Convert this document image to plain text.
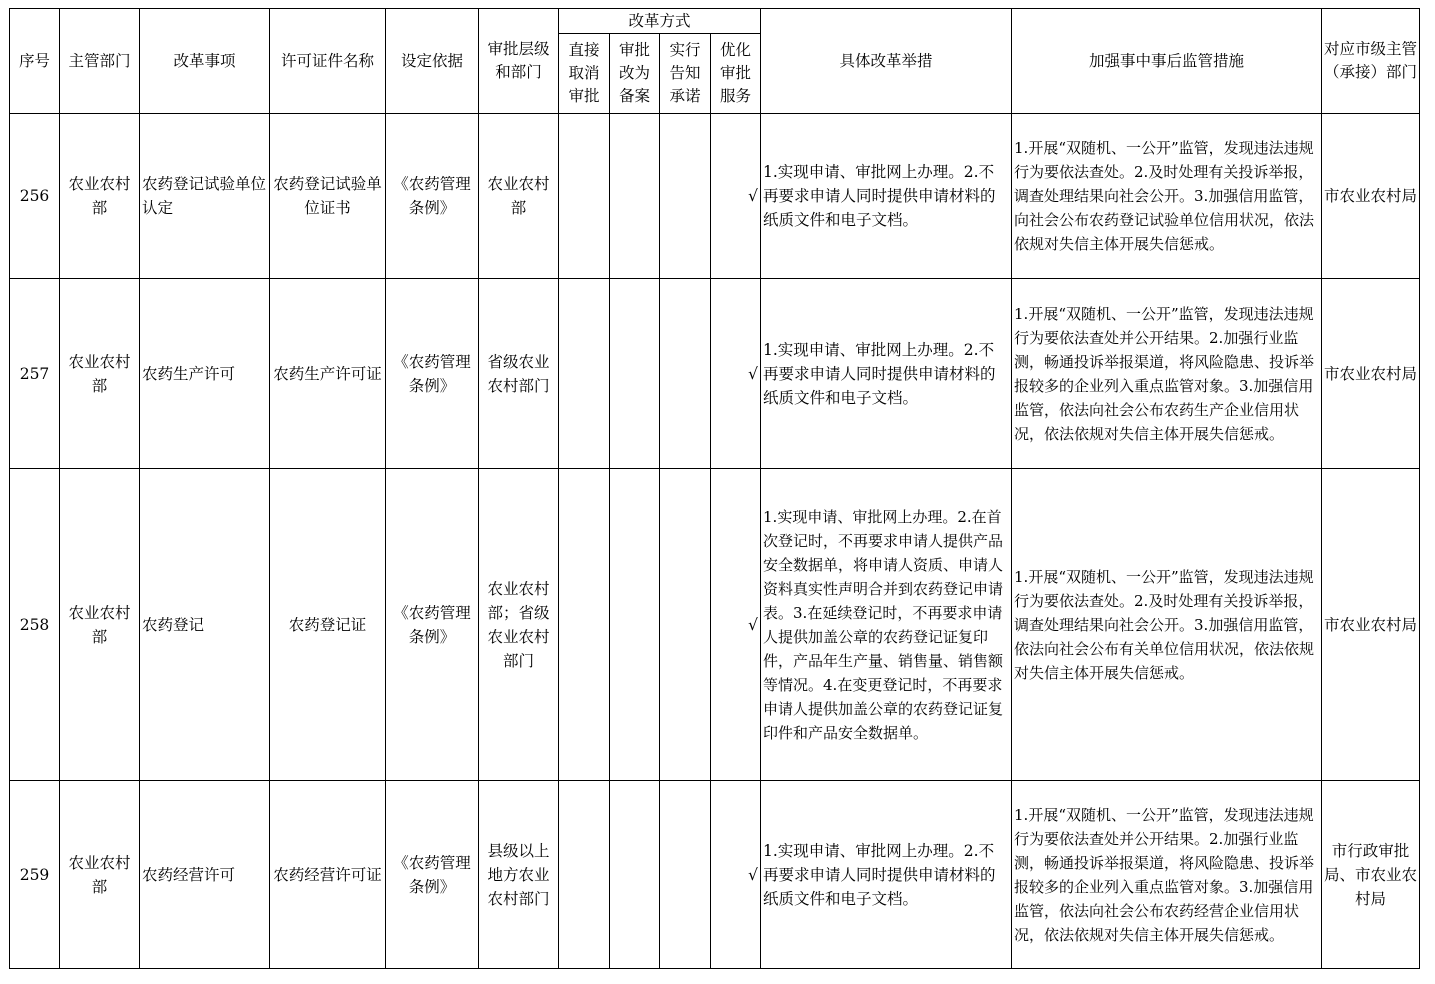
序号	主管部门	改革事项	许可证件名称	设定依据	审批层级和部门	改革方式				具体改革举措	加强事中事后监管措施	对应市级主管（承接）部门
						直接取消审批	审批改为备案	实行告知承诺	优化审批服务			
256	农业农村部	农药登记试验单位认定	农药登记试验单位证书	《农药管理条例》	农业农村部				√	1.实现申请、审批网上办理。2.不再要求申请人同时提供申请材料的纸质文件和电子文档。	1.开展“双随机、一公开”监管，发现违法违规行为要依法查处。2.及时处理有关投诉举报，调查处理结果向社会公开。3.加强信用监管，向社会公布农药登记试验单位信用状况，依法依规对失信主体开展失信惩戒。	市农业农村局
257	农业农村部	农药生产许可	农药生产许可证	《农药管理条例》	省级农业农村部门				√	1.实现申请、审批网上办理。2.不再要求申请人同时提供申请材料的纸质文件和电子文档。	1.开展“双随机、一公开”监管，发现违法违规行为要依法查处并公开结果。2.加强行业监测，畅通投诉举报渠道，将风险隐患、投诉举报较多的企业列入重点监管对象。3.加强信用监管，依法向社会公布农药生产企业信用状况，依法依规对失信主体开展失信惩戒。	市农业农村局
258	农业农村部	农药登记	农药登记证	《农药管理条例》	农业农村部；省级农业农村部门				√	1.实现申请、审批网上办理。2.在首次登记时，不再要求申请人提供产品安全数据单，将申请人资质、申请人资料真实性声明合并到农药登记申请表。3.在延续登记时，不再要求申请人提供加盖公章的农药登记证复印件，产品年生产量、销售量、销售额等情况。4.在变更登记时，不再要求申请人提供加盖公章的农药登记证复印件和产品安全数据单。	1.开展“双随机、一公开”监管，发现违法违规行为要依法查处。2.及时处理有关投诉举报，调查处理结果向社会公开。3.加强信用监管，依法向社会公布有关单位信用状况，依法依规对失信主体开展失信惩戒。	市农业农村局
259	农业农村部	农药经营许可	农药经营许可证	《农药管理条例》	县级以上地方农业农村部门				√	1.实现申请、审批网上办理。2.不再要求申请人同时提供申请材料的纸质文件和电子文档。	1.开展“双随机、一公开”监管，发现违法违规行为要依法查处并公开结果。2.加强行业监测，畅通投诉举报渠道，将风险隐患、投诉举报较多的企业列入重点监管对象。3.加强信用监管，依法向社会公布农药经营企业信用状况，依法依规对失信主体开展失信惩戒。	市行政审批局、市农业农村局
